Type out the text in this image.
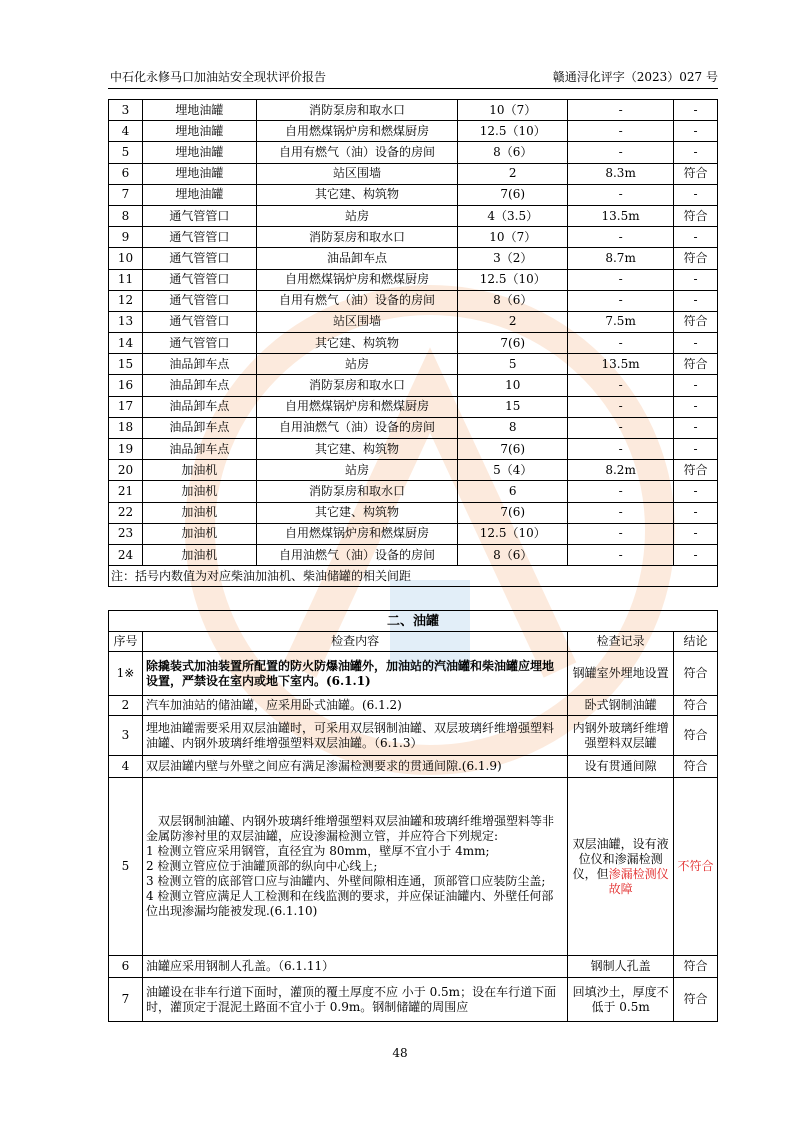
中石化永修马口加油站安全现状评价报告	赣通浔化评字（2023）027 号
3	埋地油罐	消防泵房和取水口	10（7）	-	-
4	埋地油罐	自用燃煤锅炉房和燃煤厨房	12.5（10）	-	-
5	埋地油罐	自用有燃气（油）设备的房间	8（6）	-	-
6	埋地油罐	站区围墙	2	8.3m	符合
7	埋地油罐	其它建、构筑物	7(6)	-	-
8	通气管管口	站房	4（3.5）	13.5m	符合
9	通气管管口	消防泵房和取水口	10（7）	-	-
10	通气管管口	油品卸车点	3（2）	8.7m	符合
11	通气管管口	自用燃煤锅炉房和燃煤厨房	12.5（10）	-	-
12	通气管管口	自用有燃气（油）设备的房间	8（6）	-	-
13	通气管管口	站区围墙	2	7.5m	符合
14	通气管管口	其它建、构筑物	7(6)	-	-
15	油品卸车点	站房	5	13.5m	符合
16	油品卸车点	消防泵房和取水口	10	-	-
17	油品卸车点	自用燃煤锅炉房和燃煤厨房	15	-	-
18	油品卸车点	自用油燃气（油）设备的房间	8	-	-
19	油品卸车点	其它建、构筑物	7(6)	-	-
20	加油机	站房	5（4）	8.2m	符合
21	加油机	消防泵房和取水口	6	-	-
22	加油机	其它建、构筑物	7(6)	-	-
23	加油机	自用燃煤锅炉房和燃煤厨房	12.5（10）	-	-
24	加油机	自用油燃气（油）设备的房间	8（6）	-	-
注：括号内数值为对应柴油加油机、柴油储罐的相关间距					
二、油罐			
序号	检查内容	检查记录	结论
1※	除撬装式加油装置所配置的防火防爆油罐外，加油站的汽油罐和柴油罐应埋地设置，严禁设在室内或地下室内。(6.1.1)	钢罐室外埋地设置	符合
2	汽车加油站的储油罐，应采用卧式油罐。(6.1.2)	卧式钢制油罐	符合
3	埋地油罐需要采用双层油罐时，可采用双层钢制油罐、双层玻璃纤维增强塑料油罐、内钢外玻璃纤维增强塑料双层油罐。（6.1.3）	内钢外玻璃纤维增强塑料双层罐	符合
4	双层油罐内壁与外壁之间应有满足渗漏检测要求的贯通间隙.(6.1.9)	设有贯通间隙	符合
5	双层钢制油罐、内钢外玻璃纤维增强塑料双层油罐和玻璃纤维增强塑料等非金属防渗衬里的双层油罐，应设渗漏检测立管，并应符合下列规定:
1 检测立管应采用钢管，直径宜为 80mm，壁厚不宜小于 4mm;
2 检测立管应位于油罐顶部的纵向中心线上;
3 检测立管的底部管口应与油罐内、外壁间隙相连通，顶部管口应装防尘盖;
4 检测立管应满足人工检测和在线监测的要求，并应保证油罐内、外壁任何部位出现渗漏均能被发现.(6.1.10)	双层油罐，设有液位仪和渗漏检测仪，但渗漏检测仪故障	不符合
6	油罐应采用钢制人孔盖。（6.1.11）	钢制人孔盖	符合
7	油罐设在非车行道下面时，灌顶的覆土厚度不应 小于 0.5m；设在车行道下面时，灌顶定于混泥土路面不宜小于 0.9m。钢制储罐的周围应	回填沙土，厚度不低于 0.5m	符合
48
